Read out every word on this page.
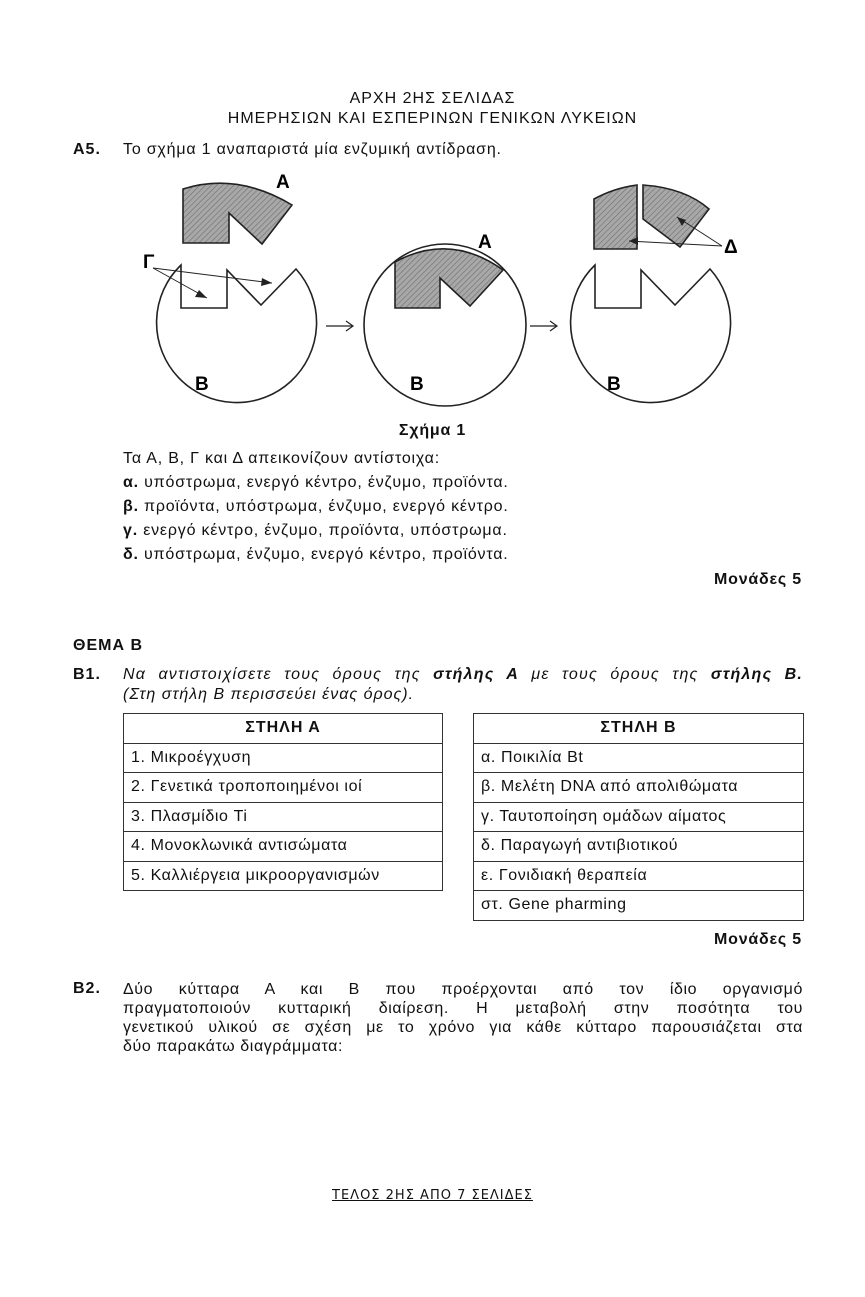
ΑΡΧΗ 2ΗΣ ΣΕΛΙΔΑΣ
ΗΜΕΡΗΣΙΩΝ ΚΑΙ ΕΣΠΕΡΙΝΩΝ ΓΕΝΙΚΩΝ ΛΥΚΕΙΩΝ
Α5. Το σχήμα 1 αναπαριστά μία ενζυμική αντίδραση.
Α
Γ
Β
Α
Β
Δ
Β
Σχήμα 1
Τα Α, Β, Γ και Δ απεικονίζουν αντίστοιχα:
α. υπόστρωμα, ενεργό κέντρο, ένζυμο, προϊόντα.
β. προϊόντα, υπόστρωμα, ένζυμο, ενεργό κέντρο.
γ. ενεργό κέντρο, ένζυμο, προϊόντα, υπόστρωμα.
δ. υπόστρωμα, ένζυμο, ενεργό κέντρο, προϊόντα.
Μονάδες 5
ΘΕΜΑ Β
Β1. Να αντιστοιχίσετε τους όρους της στήλης Α με τους όρους της στήλης Β.
(Στη στήλη Β περισσεύει ένας όρος).
ΣΤΗΛΗ Α
1. Μικροέγχυση
2. Γενετικά τροποποιημένοι ιοί
3. Πλασμίδιο Ti
4. Μονοκλωνικά αντισώματα
5. Καλλιέργεια μικροοργανισμών
ΣΤΗΛΗ Β
α. Ποικιλία Bt
β. Μελέτη DNA από απολιθώματα
γ. Ταυτοποίηση ομάδων αίματος
δ. Παραγωγή αντιβιοτικού
ε. Γονιδιακή θεραπεία
στ. Gene pharming
Μονάδες 5
Β2. Δύο κύτταρα Α και Β που προέρχονται από τον ίδιο οργανισμό
πραγματοποιούν κυτταρική διαίρεση. Η μεταβολή στην ποσότητα του
γενετικού υλικού σε σχέση με το χρόνο για κάθε κύτταρο παρουσιάζεται στα
δύο παρακάτω διαγράμματα:
ΤΕΛΟΣ 2ΗΣ ΑΠΟ 7 ΣΕΛΙΔΕΣ
